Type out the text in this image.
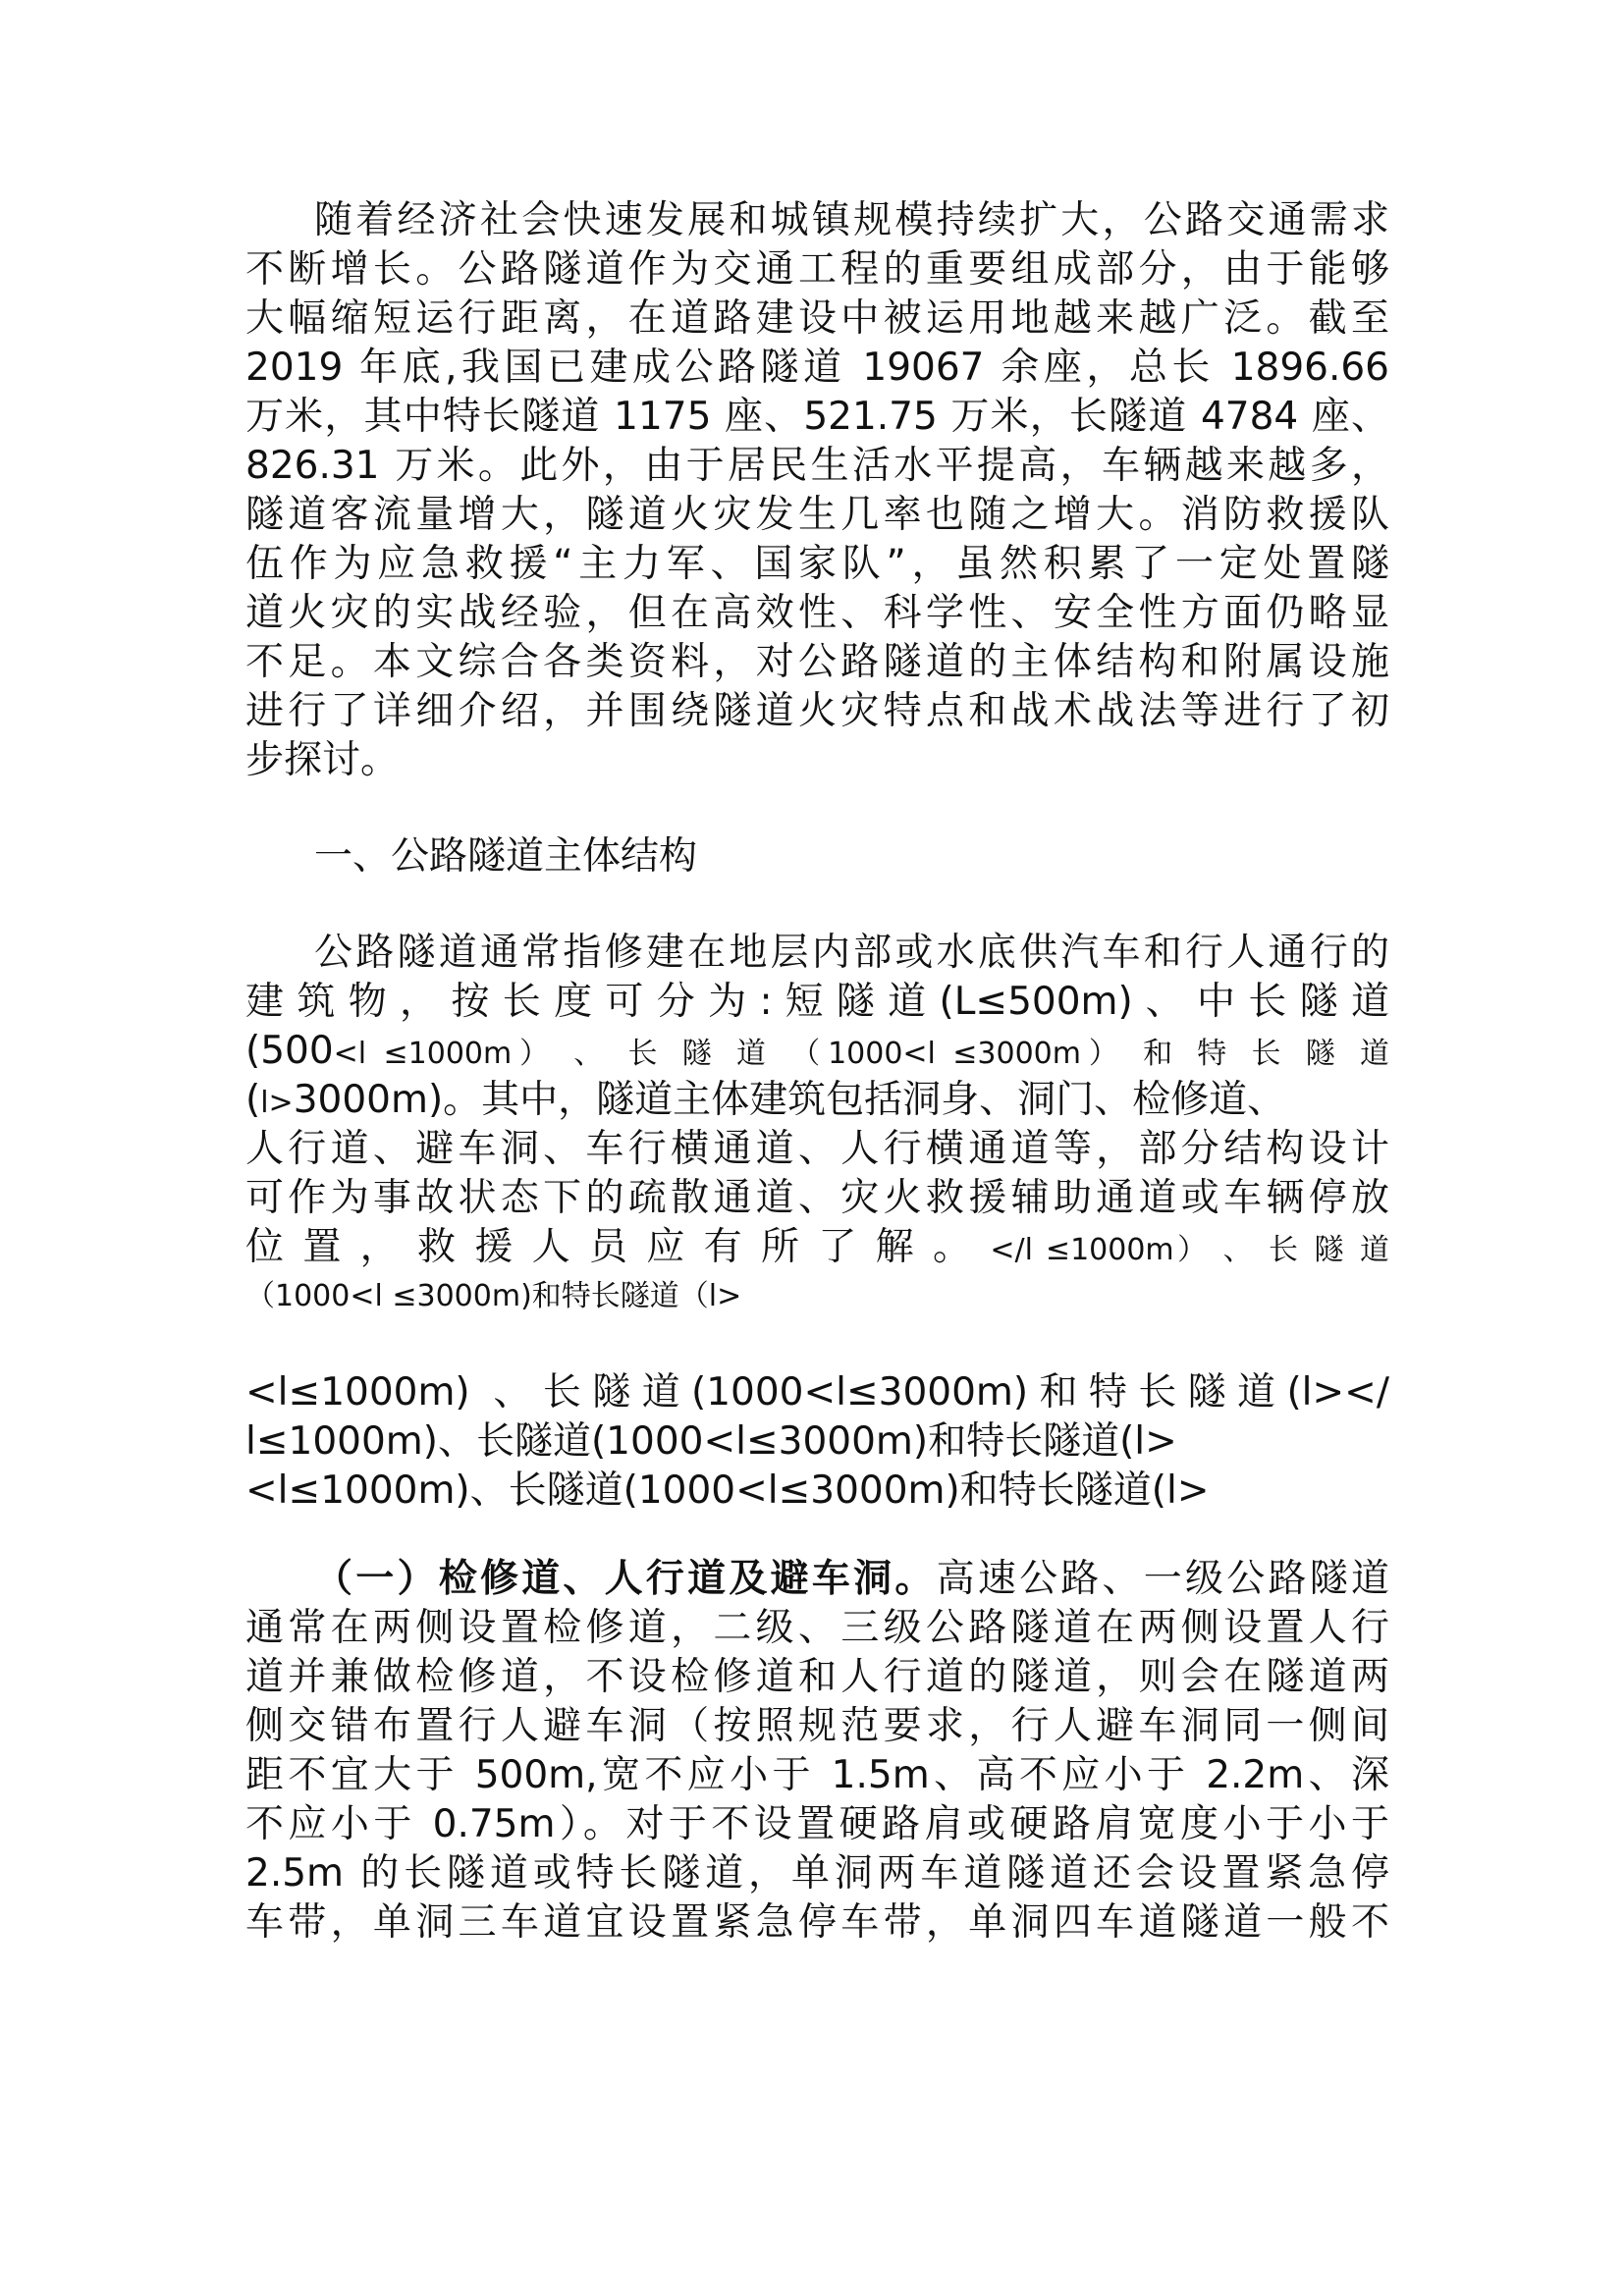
随着经济社会快速发展和城镇规模持续扩大，公路交通需求
不断增长。公路隧道作为交通工程的重要组成部分，由于能够
大幅缩短运行距离，在道路建设中被运用地越来越广泛。截至
2019 年底,我国已建成公路隧道 19067 余座，总长 1896.66
万米，其中特长隧道 1175 座、521.75 万米，长隧道 4784 座、
826.31 万米。此外，由于居民生活水平提高，车辆越来越多，
隧道客流量增大，隧道火灾发生几率也随之增大。消防救援队
伍作为应急救援“主力军、国家队”，虽然积累了一定处置隧
道火灾的实战经验，但在高效性、科学性、安全性方面仍略显
不足。本文综合各类资料，对公路隧道的主体结构和附属设施
进行了详细介绍，并围绕隧道火灾特点和战术战法等进行了初
步探讨。
一、公路隧道主体结构
公路隧道通常指修建在地层内部或水底供汽车和行人通行的
建 筑 物 ， 按 长 度 可 分 为 : 短 隧 道 (L≤500m) 、 中 长 隧 道
(500<l ≤1000m） 、 长 隧 道 （1000<l ≤3000m） 和 特 长 隧 道
(l>3000m)。其中，隧道主体建筑包括洞身、洞门、检修道、
人行道、避车洞、车行横通道、人行横通道等，部分结构设计
可作为事故状态下的疏散通道、灾火救援辅助通道或车辆停放
位 置 ， 救 援 人 员 应 有 所 了 解 。 </l ≤1000m） 、 长 隧 道
（1000<l ≤3000m)和特长隧道（l>
<l≤1000m) 、长隧道(1000<l≤3000m)和特长隧道(l></
l≤1000m)、长隧道(1000<l≤3000m)和特长隧道(l>
<l≤1000m)、长隧道(1000<l≤3000m)和特长隧道(l>
（一）检修道、人行道及避车洞。高速公路、一级公路隧道
通常在两侧设置检修道，二级、三级公路隧道在两侧设置人行
道并兼做检修道，不设检修道和人行道的隧道，则会在隧道两
侧交错布置行人避车洞（按照规范要求，行人避车洞同一侧间
距不宜大于 500m,宽不应小于 1.5m、高不应小于 2.2m、深
不应小于 0.75m）。对于不设置硬路肩或硬路肩宽度小于小于
2.5m 的长隧道或特长隧道，单洞两车道隧道还会设置紧急停
车带，单洞三车道宜设置紧急停车带，单洞四车道隧道一般不
